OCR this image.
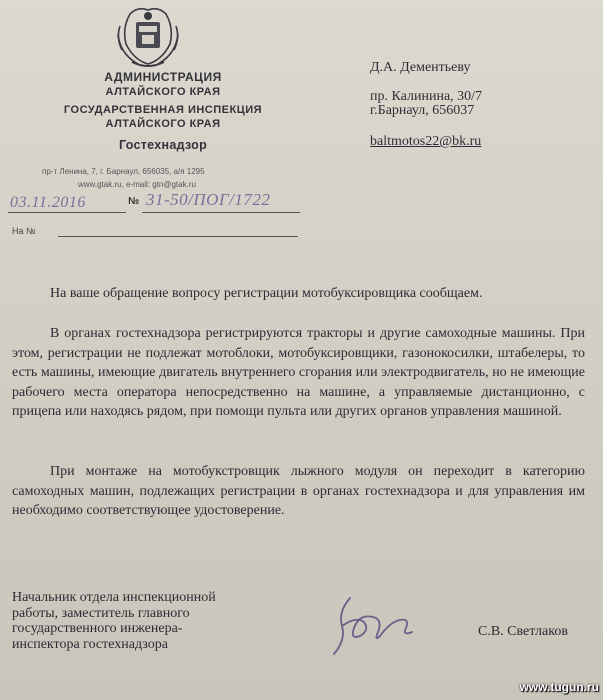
АДМИНИСТРАЦИЯ
АЛТАЙСКОГО КРАЯ
ГОСУДАРСТВЕННАЯ ИНСПЕКЦИЯ
АЛТАЙСКОГО КРАЯ
Гостехнадзор
пр-т Ленина, 7, г. Барнаул, 656035, а/я 1295
www.gtak.ru, e-mail: gtn@gtak.ru
03.11.2016	№ 31-50/ПОГ/1722
На №
Д.А. Дементьеву
пр. Калинина, 30/7
г.Барнаул, 656037
baltmotos22@bk.ru
На ваше обращение вопросу регистрации мотобуксировщика сообщаем.
В органах гостехнадзора регистрируются тракторы и другие самоходные машины. При этом, регистрации не подлежат мотоблоки, мотобуксировщики, газонокосилки, штабелеры, то есть машины, имеющие двигатель внутреннего сгорания или электродвигатель, но не имеющие рабочего места оператора непосредственно на машине, а управляемые дистанционно, с прицепа или находясь рядом, при помощи пульта или других органов управления машиной.
При монтаже на мотобукстровщик лыжного модуля он переходит в категорию самоходных машин, подлежащих регистрации в органах гостехнадзора и для управления им необходимо соответствующее удостоверение.
Начальник отдела инспекционной
работы, заместитель главного
государственного инженера-
инспектора гостехнадзора
С.В. Светлаков
www.tugun.ru
